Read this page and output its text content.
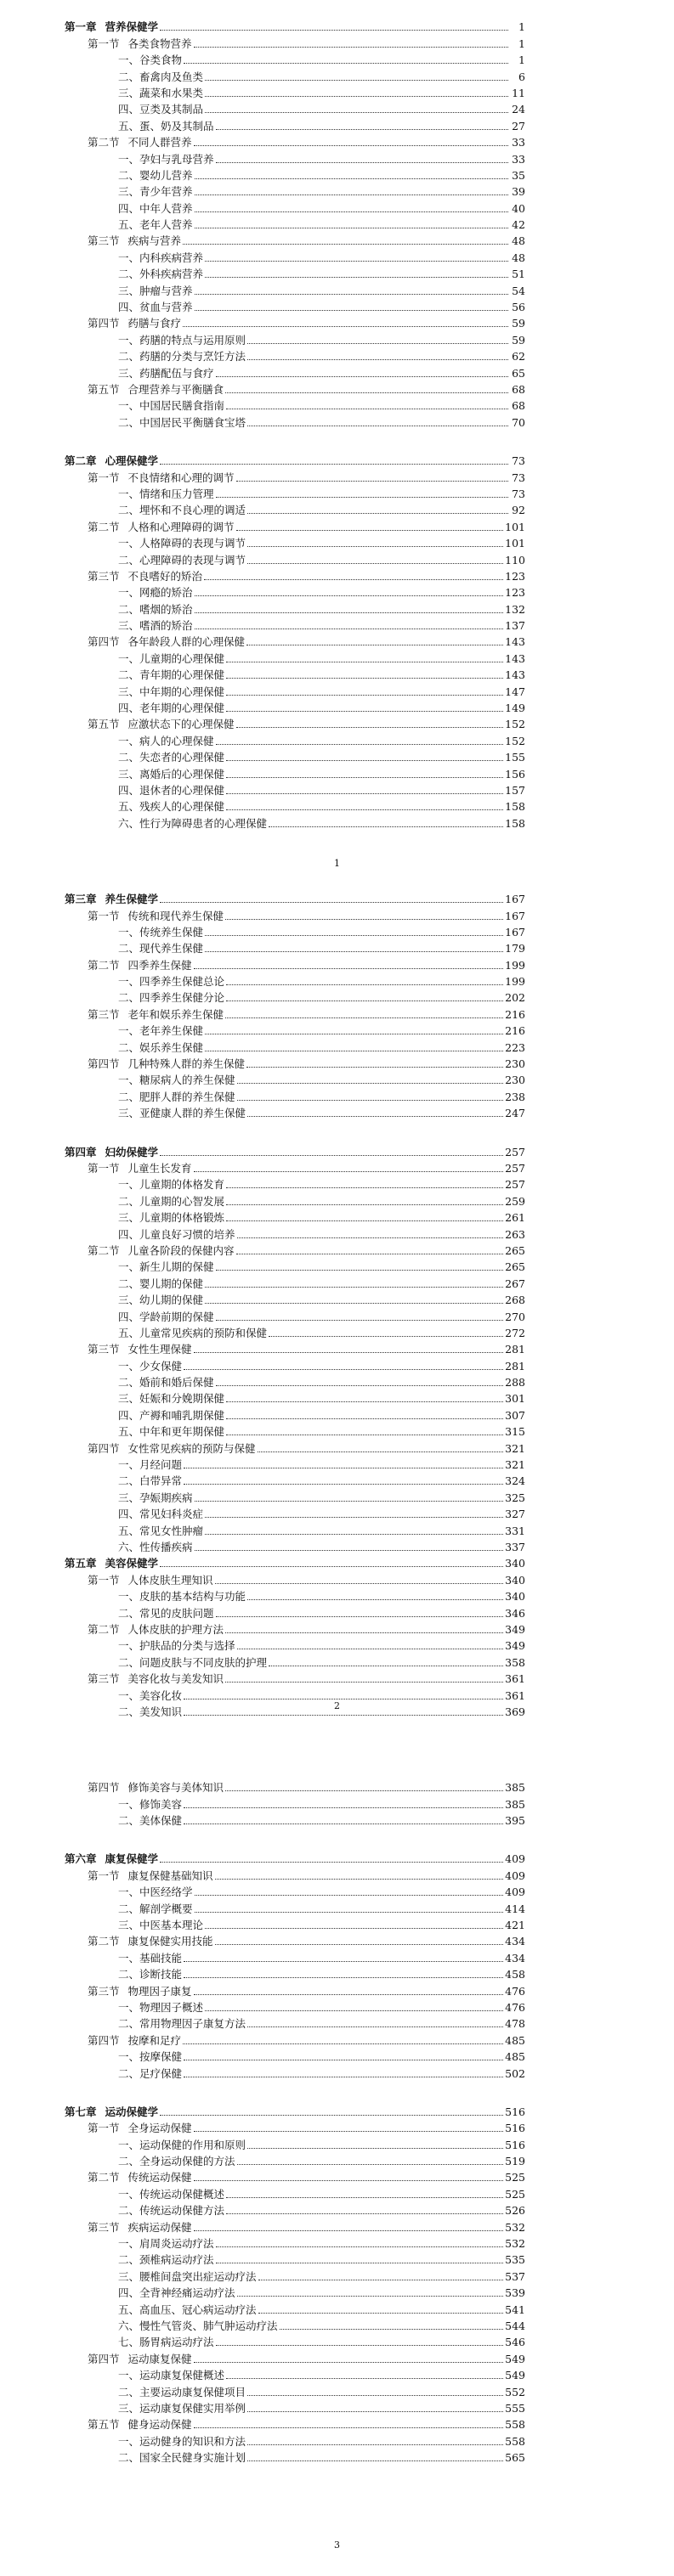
第一章 营养保健学	1
第一节 各类食物营养	1
一、 谷类食物	1
二、 畜禽肉及鱼类	6
三、 蔬菜和水果类	11
四、 豆类及其制品	24
五、 蛋、奶及其制品	27
第二节 不同人群营养	33
一、 孕妇与乳母营养	33
二、 婴幼儿营养	35
三、 青少年营养	39
四、 中年人营养	40
五、 老年人营养	42
第三节 疾病与营养	48
一、 内科疾病营养	48
二、 外科疾病营养	51
三、 肿瘤与营养	54
四、 贫血与营养	56
第四节 药膳与食疗	59
一、 药膳的特点与运用原则	59
二、 药膳的分类与烹饪方法	62
三、 药膳配伍与食疗	65
第五节 合理营养与平衡膳食	68
一、 中国居民膳食指南	68
二、 中国居民平衡膳食宝塔	70
第二章 心理保健学	73
第一节 不良情绪和心理的调节	73
一、 情绪和压力管理	73
二、 埋怀和不良心理的调适	92
第二节 人格和心理障碍的调节	101
一、 人格障碍的表现与调节	101
二、 心理障碍的表现与调节	110
第三节 不良嗜好的矫治	123
一、 网瘾的矫治	123
二、 嗜烟的矫治	132
三、 嗜酒的矫治	137
第四节 各年龄段人群的心理保健	143
一、 儿童期的心理保健	143
二、 青年期的心理保健	143
三、 中年期的心理保健	147
四、 老年期的心理保健	149
第五节 应激状态下的心理保健	152
一、 病人的心理保健	152
二、 失恋者的心理保健	155
三、 离婚后的心理保健	156
四、 退休者的心理保健	157
五、 残疾人的心理保健	158
六、 性行为障碍患者的心理保健	158
第三章 养生保健学	167
第一节 传统和现代养生保健	167
一、 传统养生保健	167
二、 现代养生保健	179
第二节 四季养生保健	199
一、 四季养生保健总论	199
二、 四季养生保健分论	202
第三节 老年和娱乐养生保健	216
一、 老年养生保健	216
二、 娱乐养生保健	223
第四节 几种特殊人群的养生保健	230
一、 糖尿病人的养生保健	230
二、 肥胖人群的养生保健	238
三、 亚健康人群的养生保健	247
第四章 妇幼保健学	257
第一节 儿童生长发育	257
一、 儿童期的体格发育	257
二、 儿童期的心智发展	259
三、 儿童期的体格锻炼	261
四、 儿童良好习惯的培养	263
第二节 儿童各阶段的保健内容	265
一、 新生儿期的保健	265
二、 婴儿期的保健	267
三、 幼儿期的保健	268
四、 学龄前期的保健	270
五、 儿童常见疾病的预防和保健	272
第三节 女性生理保健	281
一、 少女保健	281
二、 婚前和婚后保健	288
三、 妊娠和分娩期保健	301
四、 产褥和哺乳期保健	307
五、 中年和更年期保健	315
第四节 女性常见疾病的预防与保健	321
一、 月经问题	321
二、 白带异常	324
三、 孕娠期疾病	325
四、 常见妇科炎症	327
五、 常见女性肿瘤	331
六、 性传播疾病	337
第五章 美容保健学	340
第一节 人体皮肤生理知识	340
一、 皮肤的基本结构与功能	340
二、 常见的皮肤问题	346
第二节 人体皮肤的护理方法	349
一、 护肤品的分类与选择	349
二、 问题皮肤与不同皮肤的护理	358
第三节 美容化妆与美发知识	361
一、 美容化妆	361
二、 美发知识	369
第四节 修饰美容与美体知识	385
一、 修饰美容	385
二、 美体保健	395
第六章 康复保健学	409
第一节 康复保健基础知识	409
一、 中医经络学	409
二、 解剖学概要	414
三、 中医基本理论	421
第二节 康复保健实用技能	434
一、 基础技能	434
二、 诊断技能	458
第三节 物理因子康复	476
一、 物理因子概述	476
二、 常用物理因子康复方法	478
第四节 按摩和足疗	485
一、 按摩保健	485
二、 足疗保健	502
第七章 运动保健学	516
第一节 全身运动保健	516
一、 运动保健的作用和原则	516
二、 全身运动保健的方法	519
第二节 传统运动保健	525
一、 传统运动保健概述	525
二、 传统运动保健方法	526
第三节 疾病运动保健	532
一、 肩周炎运动疗法	532
二、 颈椎病运动疗法	535
三、 腰椎间盘突出症运动疗法	537
四、 全背神经痛运动疗法	539
五、 高血压、冠心病运动疗法	541
六、 慢性气管炎、肺气肿运动疗法	544
七、 肠胃病运动疗法	546
第四节 运动康复保健	549
一、 运动康复保健概述	549
二、 主要运动康复保健项目	552
三、 运动康复保健实用举例	555
第五节 健身运动保健	558
一、 运动健身的知识和方法	558
二、 国家全民健身实施计划	565
1
2
3
